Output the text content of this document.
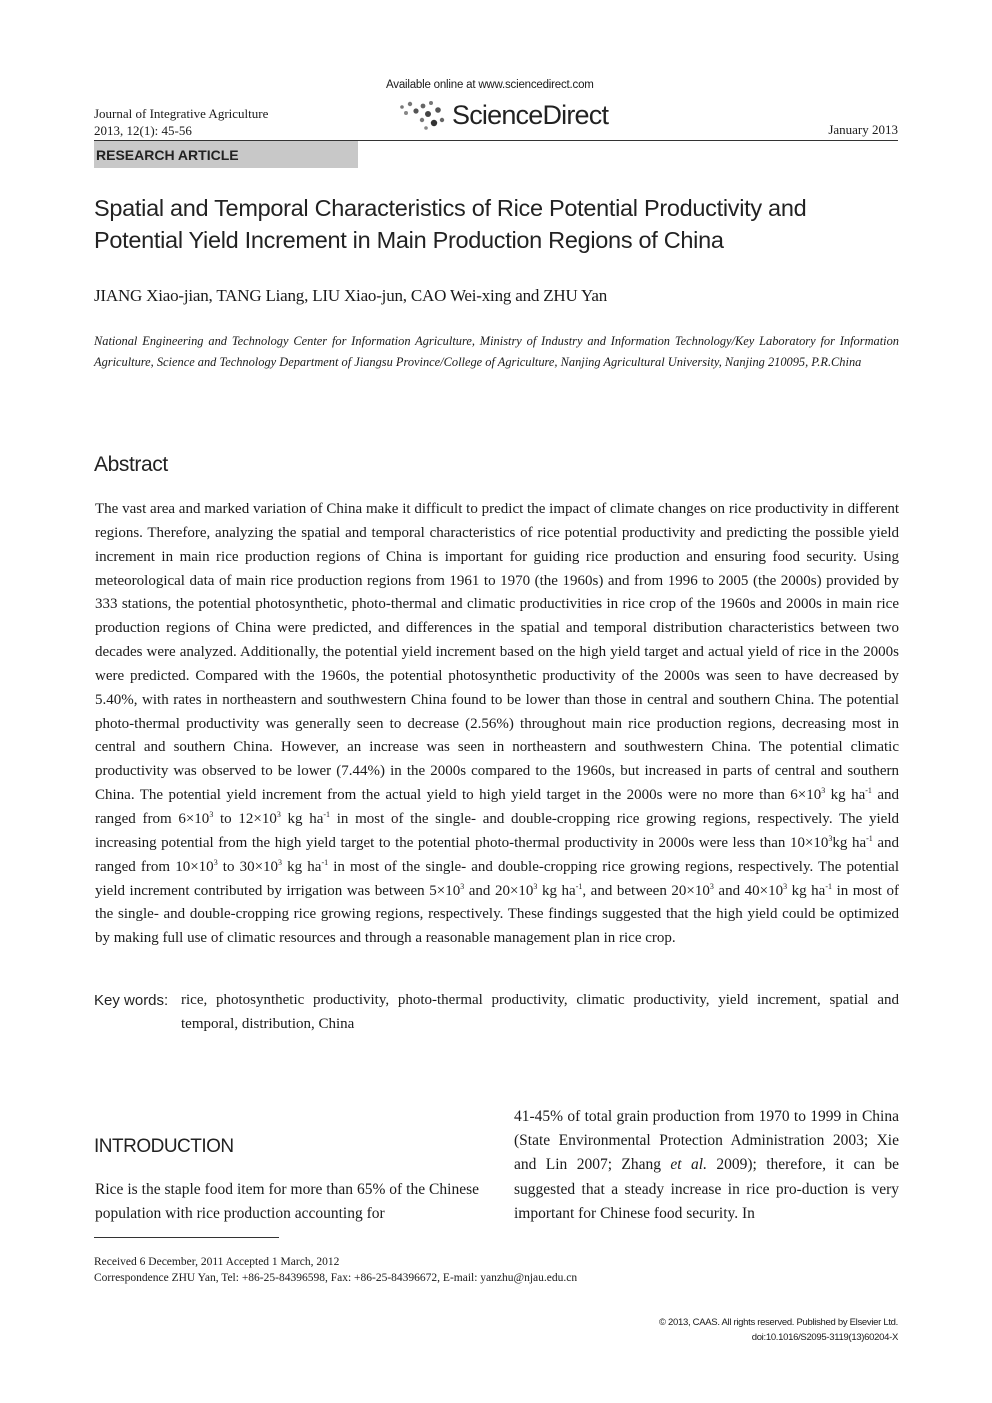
Journal of Integrative Agriculture
2013, 12(1): 45-56
Available online at www.sciencedirect.com
ScienceDirect	January 2013
RESEARCH ARTICLE
Spatial and Temporal Characteristics of Rice Potential Productivity and
Potential Yield Increment in Main Production Regions of China
JIANG Xiao-jian, TANG Liang, LIU Xiao-jun, CAO Wei-xing and ZHU Yan
National Engineering and Technology Center for Information Agriculture, Ministry of Industry and Information Technology/Key Laboratory for Information Agriculture, Science and Technology Department of Jiangsu Province/College of Agriculture, Nanjing Agricultural University, Nanjing 210095, P.R.China
Abstract
The vast area and marked variation of China make it difficult to predict the impact of climate changes on rice productivity in different regions. Therefore, analyzing the spatial and temporal characteristics of rice potential productivity and predicting the possible yield increment in main rice production regions of China is important for guiding rice production and ensuring food security. Using meteorological data of main rice production regions from 1961 to 1970 (the 1960s) and from 1996 to 2005 (the 2000s) provided by 333 stations, the potential photosynthetic, photo-thermal and climatic productivities in rice crop of the 1960s and 2000s in main rice production regions of China were predicted, and differences in the spatial and temporal distribution characteristics between two decades were analyzed. Additionally, the potential yield increment based on the high yield target and actual yield of rice in the 2000s were predicted. Compared with the 1960s, the potential photosynthetic productivity of the 2000s was seen to have decreased by 5.40%, with rates in northeastern and southwestern China found to be lower than those in central and southern China. The potential photo-thermal productivity was generally seen to decrease (2.56%) throughout main rice production regions, decreasing most in central and southern China. However, an increase was seen in northeastern and southwestern China. The potential climatic productivity was observed to be lower (7.44%) in the 2000s compared to the 1960s, but increased in parts of central and southern China. The potential yield increment from the actual yield to high yield target in the 2000s were no more than $6\times 10^3$ kg $ha^{-1}$ and ranged from $6\times 10^3$ to $12\times 10^3$ kg $ha^{-1}$ in most of the single- and double-cropping rice growing regions, respectively. The yield increasing potential from the high yield target to the potential photo-thermal productivity in 2000s were less than $10\times 10^3kg$ $ha^{-1}$ and ranged from $10\times 10^3$ to $30\times 10^3$ kg $ha^{-1}$ in most of the single- and double-cropping rice growing regions, respectively. The potential yield increment contributed by irrigation was between $5\times 10^3$ and $20\times 10^3$ kg $ha^{-1}$, and between $20\times 10^3$ and $40\times 10^3$ kg $ha^{-1}$ in most of the single- and double-cropping rice growing regions, respectively. These findings suggested that the high yield could be optimized by making full use of climatic resources and through a reasonable management plan in rice crop.
Key words: rice, photosynthetic productivity, photo-thermal productivity, climatic productivity, yield increment, spatial and temporal, distribution, China
INTRODUCTION
Rice is the staple food item for more than 65% of the Chinese population with rice production accounting for
41-45% of total grain production from 1970 to 1999 in China (State Environmental Protection Administration 2003; Xie and Lin 2007; Zhang et al. 2009); therefore, it can be suggested that a steady increase in rice pro-duction is very important for Chinese food security. In
Received 6 December, 2011 Accepted 1 March, 2012
Correspondence ZHU Yan, Tel: +86-25-84396598, Fax: +86-25-84396672, E-mail: yanzhu@njau.edu.cn
© 2013, CAAS. All rights reserved. Published by Elsevier Ltd.
doi:10.1016/S2095-3119(13)60204-X
